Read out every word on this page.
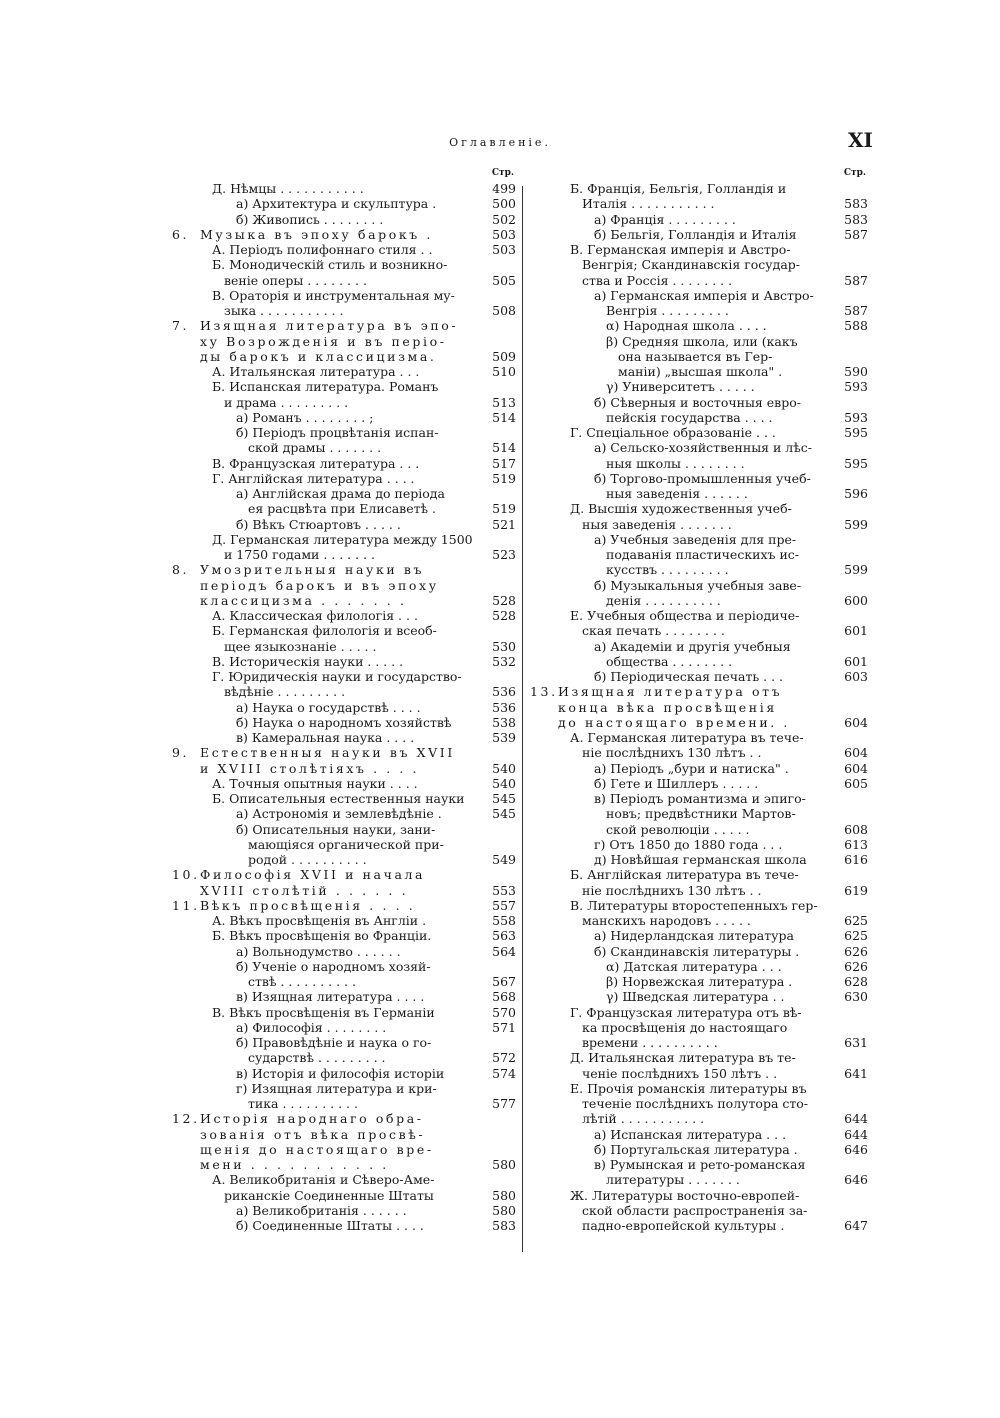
Оглавленiе.	XI
Стр.
Д. Нѣмцы . . . . . . . . . . .	499
а) Архитектура и скульптура .	500
б) Живопись . . . . . . . .	502
6. Музыка въ эпоху барокъ .	503
А. Періодъ полифоннаго стиля . .	503
Б. Монодическій стиль и возникно-
веніе оперы . . . . . . . .	505
В. Ораторія и инструментальная му-
зыка . . . . . . . . . . .	508
7. Изящная литература въ эпо-
ху Возрожденія и въ періо-
ды барокъ и классицизма.	509
А. Итальянская литература . . .	510
Б. Испанская литература. Романъ
и драма . . . . . . . . .	513
а) Романъ . . . . . . . . ;	514
б) Періодъ процвѣтанія испан-
ской драмы . . . . . . .	514
В. Французская литература . . .	517
Г. Англійская литература . . . .	519
а) Англійская драма до періода
ея расцвѣта при Елисаветѣ .	519
б) Вѣкъ Стюартовъ . . . . .	521
Д. Германская литература между 1500
и 1750 годами . . . . . . .	523
8. Умозрительныя науки въ
періодъ барокъ и въ эпоху
классицизма . . . . . . .	528
А. Классическая филологія . . .	528
Б. Германская филологія и всеоб-
щее языкознаніе . . . . .	530
В. Историческія науки . . . . .	532
Г. Юридическія науки и государство-
вѣдѣніе . . . . . . . . .	536
а) Наука о государствѣ . . . .	536
б) Наука о народномъ хозяйствѣ	538
в) Камеральная наука . . . .	539
9. Естественныя науки въ XVII
и XVIII столѣтіяхъ . . . .	540
А. Точныя опытныя науки . . . .	540
Б. Описательныя естественныя науки	545
а) Астрономія и землевѣдѣніе .	545
б) Описательныя науки, зани-
мающіяся органической при-
родой . . . . . . . . . .	549
10.Философія XVII и начала
XVIII столѣтій . . . . . .	553
11.Вѣкъ просвѣщенія . . . .	557
А. Вѣкъ просвѣщенія въ Англіи .	558
Б. Вѣкъ просвѣщенія во Франціи.	563
а) Вольнодумство . . . . . .	564
б) Ученіе о народномъ хозяй-
ствѣ . . . . . . . . . .	567
в) Изящная литература . . . .	568
В. Вѣкъ просвѣщенія въ Германіи	570
а) Философія . . . . . . . .	571
б) Правовѣдѣніе и наука о го-
сударствѣ . . . . . . . . .	572
в) Исторія и философія исторіи	574
г) Изящная литература и кри-
тика . . . . . . . . . .	577
12.Исторія народнаго обра-
зованія отъ вѣка просвѣ-
щенія до настоящаго вре-
мени . . . . . . . . . . .	580
А. Великобританія и Сѣверо-Аме-
риканскіе Соединенные Штаты	580
а) Великобританія . . . . . .	580
б) Соединенные Штаты . . . .	583
Стр.
Б. Франція, Бельгія, Голландія и
Италія . . . . . . . . . . .	583
а) Франція . . . . . . . . .	583
б) Бельгія, Голландія и Италія	587
В. Германская имперія и Австро-
Венгрія; Скандинавскія государ-
ства и Россія . . . . . . . .	587
а) Германская имперія и Австро-
Венгрія . . . . . . . . .	587
α) Народная школа . . . .	588
β) Средняя школа, или (какъ
она называется въ Гер-
маніи) „высшая школа" .	590
γ) Университетъ . . . . .	593
б) Сѣверныя и восточныя евро-
пейскія государства . . . .	593
Г. Спеціальное образованіе . . .	595
а) Сельско-хозяйственныя и лѣс-
ныя школы . . . . . . . .	595
б) Торгово-промышленныя учеб-
ныя заведенія . . . . . .	596
Д. Высшія художественныя учеб-
ныя заведенія . . . . . . .	599
а) Учебныя заведенія для пре-
подаванія пластическихъ ис-
кусствъ . . . . . . . . .	599
б) Музыкальныя учебныя заве-
денія . . . . . . . . . .	600
Е. Учебныя общества и періодиче-
ская печать . . . . . . . .	601
а) Академіи и другія учебныя
общества . . . . . . . .	601
б) Періодическая печать . . .	603
13.Изящная литература отъ
конца вѣка просвѣщенія
до настоящаго времени. .	604
А. Германская литература въ тече-
ніе послѣднихъ 130 лѣтъ . .	604
а) Періодъ „бури и натиска" .	604
б) Гете и Шиллеръ . . . . .	605
в) Періодъ романтизма и эпиго-
новъ; предвѣстники Мартов-
ской революціи . . . . .	608
г) Отъ 1850 до 1880 года . . .	613
д) Новѣйшая германская школа	616
Б. Англійская литература въ тече-
ніе послѣднихъ 130 лѣтъ . .	619
В. Литературы второстепенныхъ гер-
манскихъ народовъ . . . . .	625
а) Нидерландская литература	625
б) Скандинавскія литературы .	626
α) Датская литература . . .	626
β) Норвежская литература .	628
γ) Шведская литература . .	630
Г. Французская литература отъ вѣ-
ка просвѣщенія до настоящаго
времени . . . . . . . . . .	631
Д. Итальянская литература въ те-
ченіе послѣднихъ 150 лѣтъ . .	641
Е. Прочія романскія литературы въ
теченіе послѣднихъ полутора сто-
лѣтій . . . . . . . . . . .	644
а) Испанская литература . . .	644
б) Португальская литература .	646
в) Румынская и рето-романская
литературы . . . . . . .	646
Ж. Литературы восточно-европей-
ской области распространенія за-
падно-европейской культуры .	647
